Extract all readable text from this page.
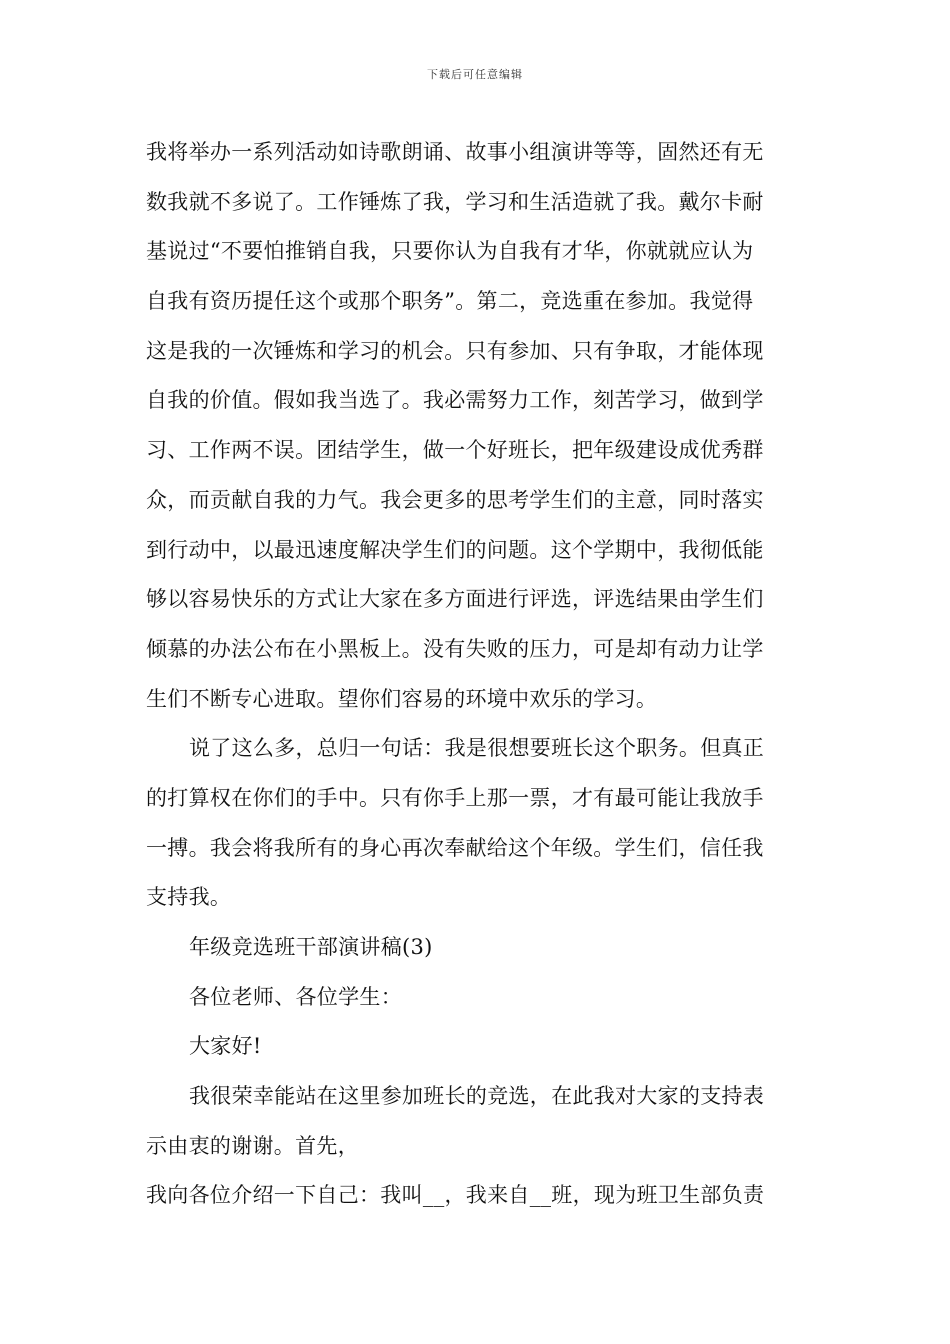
下载后可任意编辑
我将举办一系列活动如诗歌朗诵、故事小组演讲等等，固然还有无
数我就不多说了。工作锤炼了我，学习和生活造就了我。戴尔卡耐
基说过“不要怕推销自我，只要你认为自我有才华，你就就应认为
自我有资历提任这个或那个职务”。第二，竞选重在参加。我觉得
这是我的一次锤炼和学习的机会。只有参加、只有争取，才能体现
自我的价值。假如我当选了。我必需努力工作，刻苦学习，做到学
习、工作两不误。团结学生，做一个好班长，把年级建设成优秀群
众，而贡献自我的力气。我会更多的思考学生们的主意，同时落实
到行动中，以最迅速度解决学生们的问题。这个学期中，我彻低能
够以容易快乐的方式让大家在多方面进行评选，评选结果由学生们
倾慕的办法公布在小黑板上。没有失败的压力，可是却有动力让学
生们不断专心进取。望你们容易的环境中欢乐的学习。
说了这么多，总归一句话：我是很想要班长这个职务。但真正
的打算权在你们的手中。只有你手上那一票，才有最可能让我放手
一搏。我会将我所有的身心再次奉献给这个年级。学生们，信任我
支持我。
年级竞选班干部演讲稿(3)
各位老师、各位学生：
大家好!
我很荣幸能站在这里参加班长的竞选，在此我对大家的支持表
示由衷的谢谢。首先，
我向各位介绍一下自己：我叫__，我来自__班，现为班卫生部负责
